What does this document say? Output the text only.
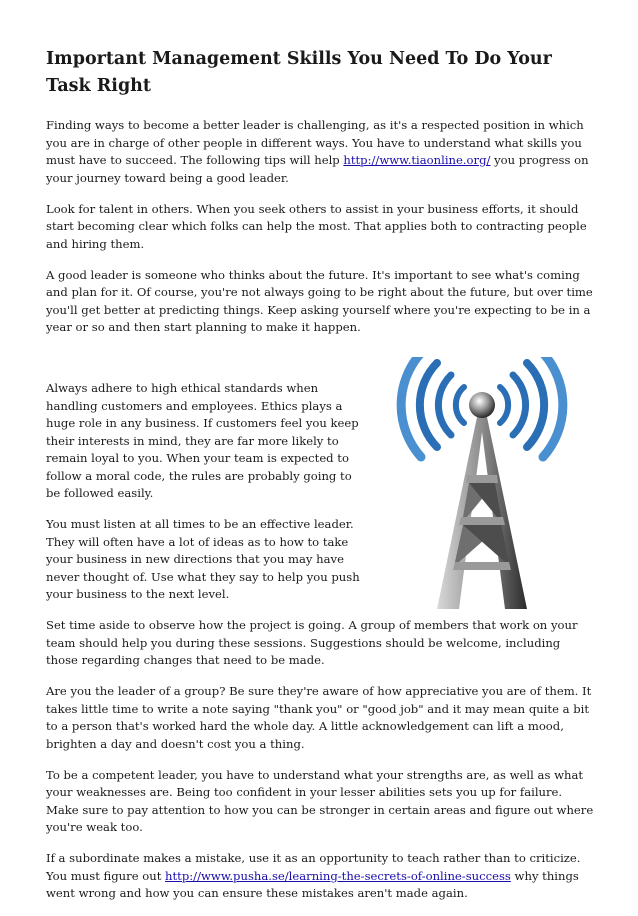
Important Management Skills You Need To Do Your Task Right

Finding ways to become a better leader is challenging, as it's a respected position in which you are in charge of other people in different ways. You have to understand what skills you must have to succeed. The following tips will help http://www.tiaonline.org/ you progress on your journey toward being a good leader.

Look for talent in others. When you seek others to assist in your business efforts, it should start becoming clear which folks can help the most. That applies both to contracting people and hiring them.

A good leader is someone who thinks about the future. It's important to see what's coming and plan for it. Of course, you're not always going to be right about the future, but over time you'll get better at predicting things. Keep asking yourself where you're expecting to be in a year or so and then start planning to make it happen.

Always adhere to high ethical standards when handling customers and employees. Ethics plays a huge role in any business. If customers feel you keep their interests in mind, they are far more likely to remain loyal to you. When your team is expected to follow a moral code, the rules are probably going to be followed easily.

You must listen at all times to be an effective leader. They will often have a lot of ideas as to how to take your business in new directions that you may have never thought of. Use what they say to help you push your business to the next level.

Set time aside to observe how the project is going. A group of members that work on your team should help you during these sessions. Suggestions should be welcome, including those regarding changes that need to be made.

Are you the leader of a group? Be sure they're aware of how appreciative you are of them. It takes little time to write a note saying "thank you" or "good job" and it may mean quite a bit to a person that's worked hard the whole day. A little acknowledgement can lift a mood, brighten a day and doesn't cost you a thing.

To be a competent leader, you have to understand what your strengths are, as well as what your weaknesses are. Being too confident in your lesser abilities sets you up for failure. Make sure to pay attention to how you can be stronger in certain areas and figure out where you're weak too.

If a subordinate makes a mistake, use it as an opportunity to teach rather than to criticize. You must figure out http://www.pusha.se/learning-the-secrets-of-online-success why things went wrong and how you can ensure these mistakes aren't made again.
